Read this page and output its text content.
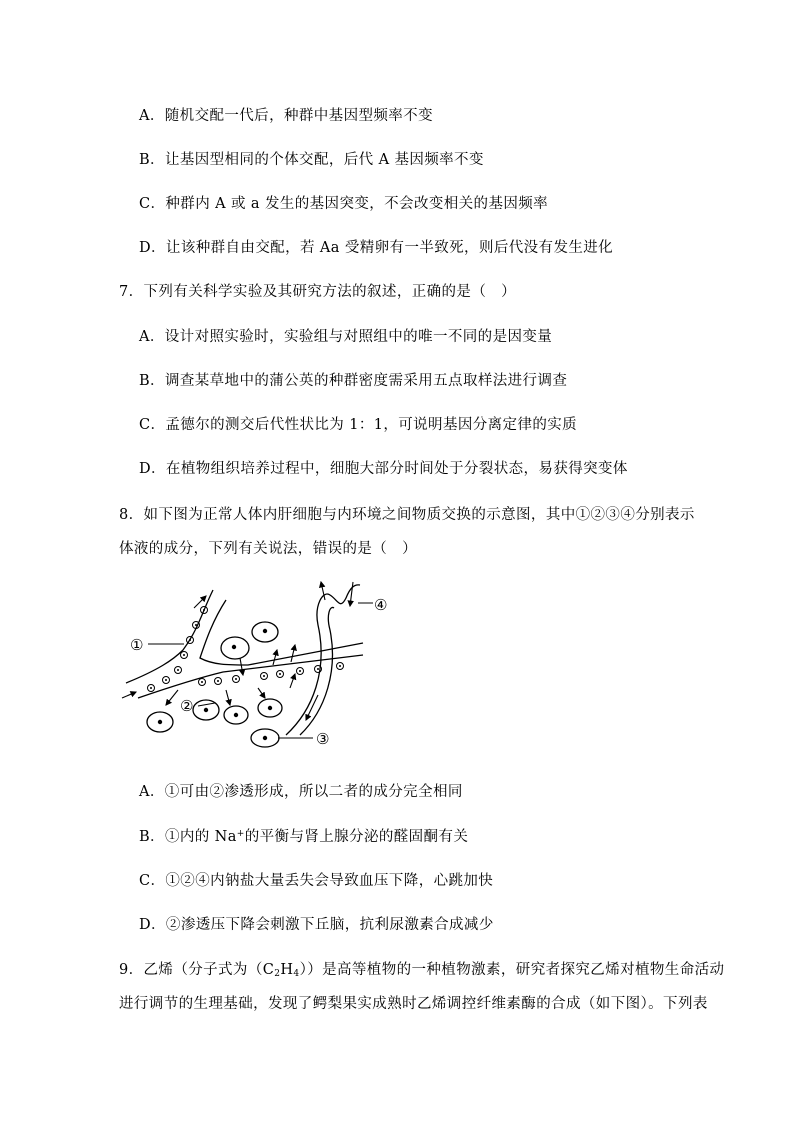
A．随机交配一代后，种群中基因型频率不变
B．让基因型相同的个体交配，后代 A 基因频率不变
C．种群内 A 或 a 发生的基因突变，不会改变相关的基因频率
D．让该种群自由交配，若 Aa 受精卵有一半致死，则后代没有发生进化
7．下列有关科学实验及其研究方法的叙述，正确的是（　）
A．设计对照实验时，实验组与对照组中的唯一不同的是因变量
B．调查某草地中的蒲公英的种群密度需采用五点取样法进行调查
C．孟德尔的测交后代性状比为 1：1，可说明基因分离定律的实质
D．在植物组织培养过程中，细胞大部分时间处于分裂状态，易获得突变体
8．如下图为正常人体内肝细胞与内环境之间物质交换的示意图，其中①②③④分别表示
体液的成分，下列有关说法，错误的是（　）
①
②
③
④
A．①可由②渗透形成，所以二者的成分完全相同
B．①内的 Na+的平衡与肾上腺分泌的醛固酮有关
C．①②④内钠盐大量丢失会导致血压下降，心跳加快
D．②渗透压下降会刺激下丘脑，抗利尿激素合成减少
9．乙烯（分子式为$(C_2H_4)$）是高等植物的一种植物激素，研究者探究乙烯对植物生命活动
进行调节的生理基础，发现了鳄梨果实成熟时乙烯调控纤维素酶的合成（如下图）。下列表
